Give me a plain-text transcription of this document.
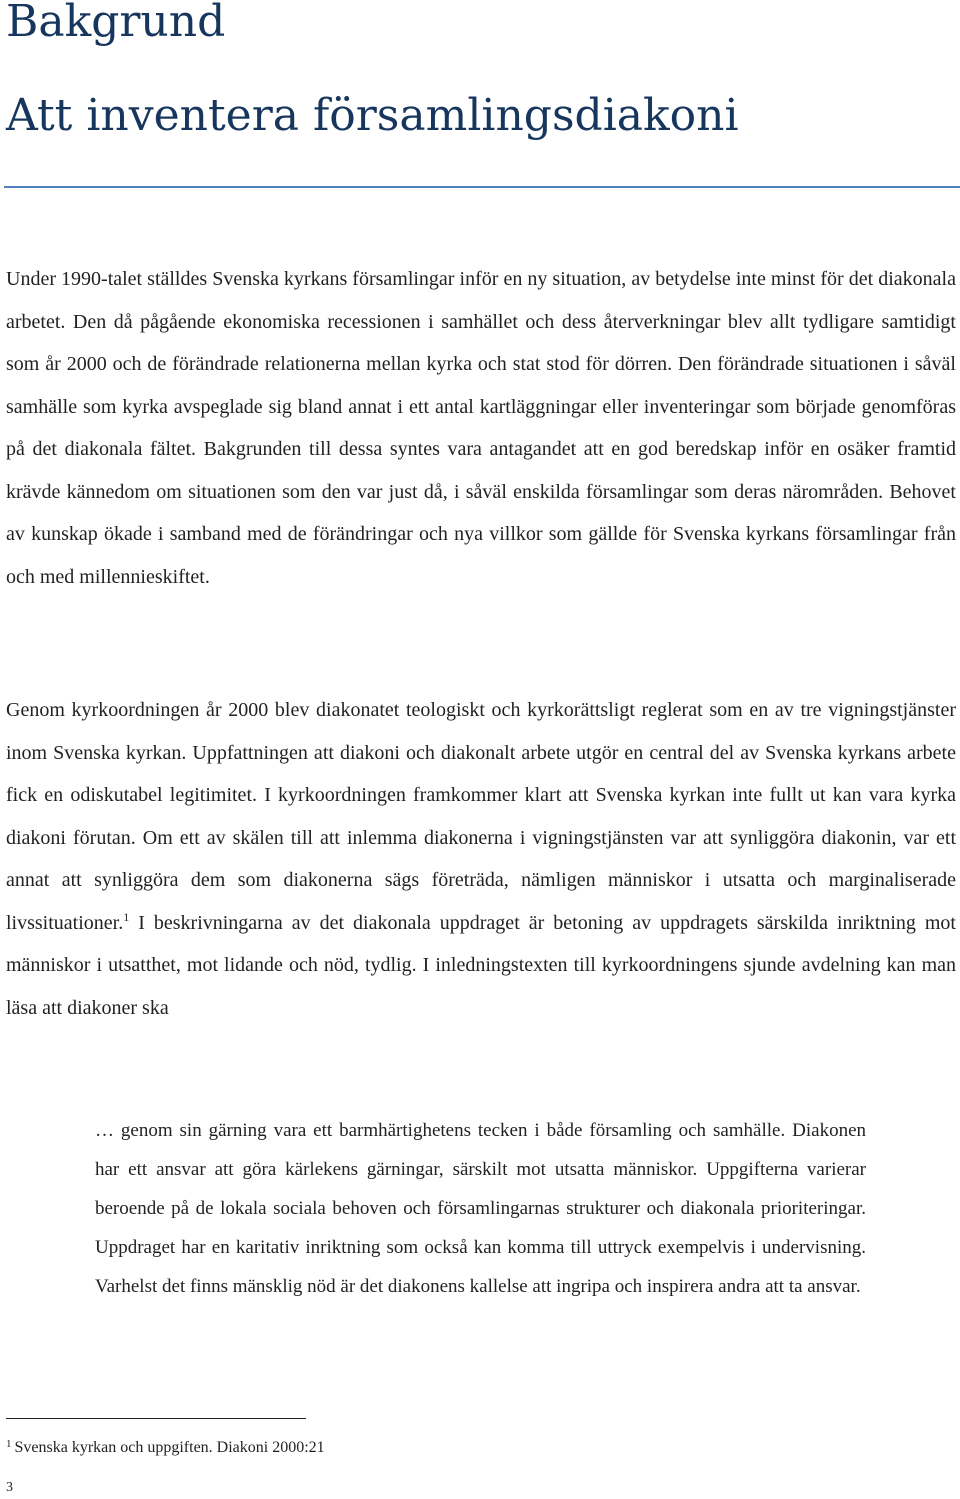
Bakgrund
Att inventera församlingsdiakoni

Under 1990-talet ställdes Svenska kyrkans församlingar inför en ny situation, av betydelse inte minst för det diakonala arbetet. Den då pågående ekonomiska recessionen i samhället och dess återverkningar blev allt tydligare samtidigt som år 2000 och de förändrade relationerna mellan kyrka och stat stod för dörren. Den förändrade situationen i såväl samhälle som kyrka avspeglade sig bland annat i ett antal kartläggningar eller inventeringar som började genomföras på det diakonala fältet. Bakgrunden till dessa syntes vara antagandet att en god beredskap inför en osäker framtid krävde kännedom om situationen som den var just då, i såväl enskilda församlingar som deras närområden. Behovet av kunskap ökade i samband med de förändringar och nya villkor som gällde för Svenska kyrkans församlingar från och med millennieskiftet.

Genom kyrkoordningen år 2000 blev diakonatet teologiskt och kyrkorättsligt reglerat som en av tre vigningstjänster inom Svenska kyrkan. Uppfattningen att diakoni och diakonalt arbete utgör en central del av Svenska kyrkans arbete fick en odiskutabel legitimitet. I kyrkoordningen framkommer klart att Svenska kyrkan inte fullt ut kan vara kyrka diakoni förutan. Om ett av skälen till att inlemma diakonerna i vigningstjänsten var att synliggöra diakonin, var ett annat att synliggöra dem som diakonerna sägs företräda, nämligen människor i utsatta och marginaliserade livssituationer.$^1$ I beskrivningarna av det diakonala uppdraget är betoning av uppdragets särskilda inriktning mot människor i utsatthet, mot lidande och nöd, tydlig. I inledningstexten till kyrkoordningens sjunde avdelning kan man läsa att diakoner ska

… genom sin gärning vara ett barmhärtighetens tecken i både församling och samhälle. Diakonen har ett ansvar att göra kärlekens gärningar, särskilt mot utsatta människor. Uppgifterna varierar beroende på de lokala sociala behoven och församlingarnas strukturer och diakonala prioriteringar. Uppdraget har en karitativ inriktning som också kan komma till uttryck exempelvis i undervisning. Varhelst det finns mänsklig nöd är det diakonens kallelse att ingripa och inspirera andra att ta ansvar.

$^1$ Svenska kyrkan och uppgiften. Diakoni 2000:21

3
